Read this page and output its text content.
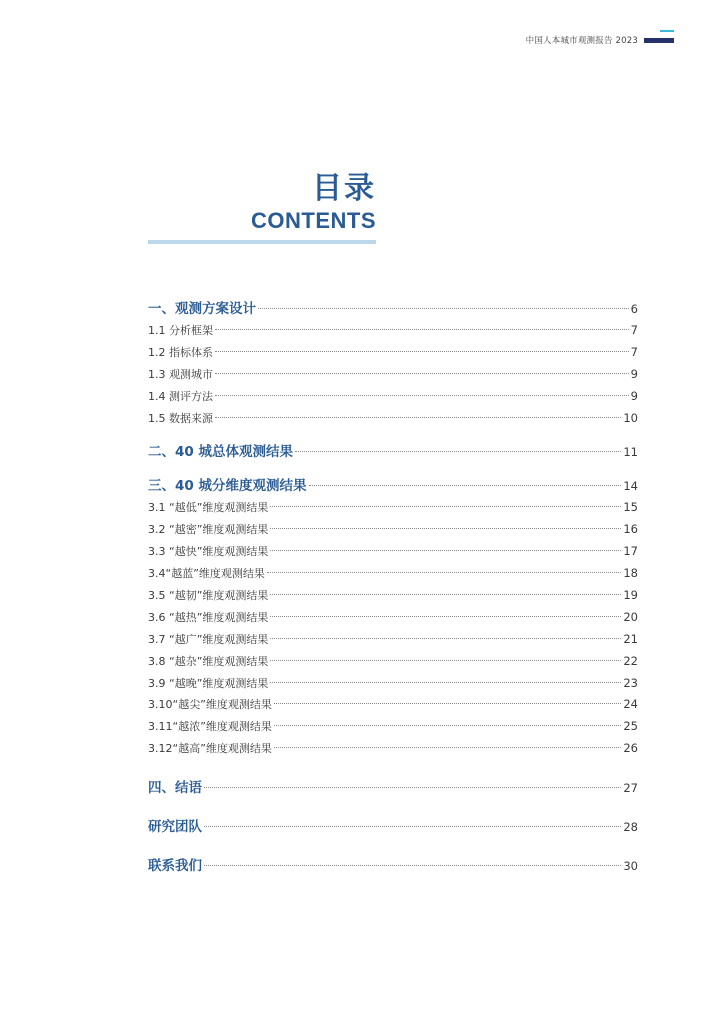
中国人本城市观测报告 2023
目录
CONTENTS
一、观测方案设计	6
1.1 分析框架	7
1.2 指标体系	7
1.3 观测城市	9
1.4 测评方法	9
1.5 数据来源	10
二、40 城总体观测结果	11
三、40 城分维度观测结果	14
3.1 “越低”维度观测结果	15
3.2 “越密”维度观测结果	16
3.3 “越快”维度观测结果	17
3.4“越蓝”维度观测结果	18
3.5 “越韧”维度观测结果	19
3.6 “越热”维度观测结果	20
3.7 “越广”维度观测结果	21
3.8 “越杂”维度观测结果	22
3.9 “越晚”维度观测结果	23
3.10“越尖”维度观测结果	24
3.11“越浓”维度观测结果	25
3.12“越高”维度观测结果	26
四、结语	27
研究团队	28
联系我们	30
